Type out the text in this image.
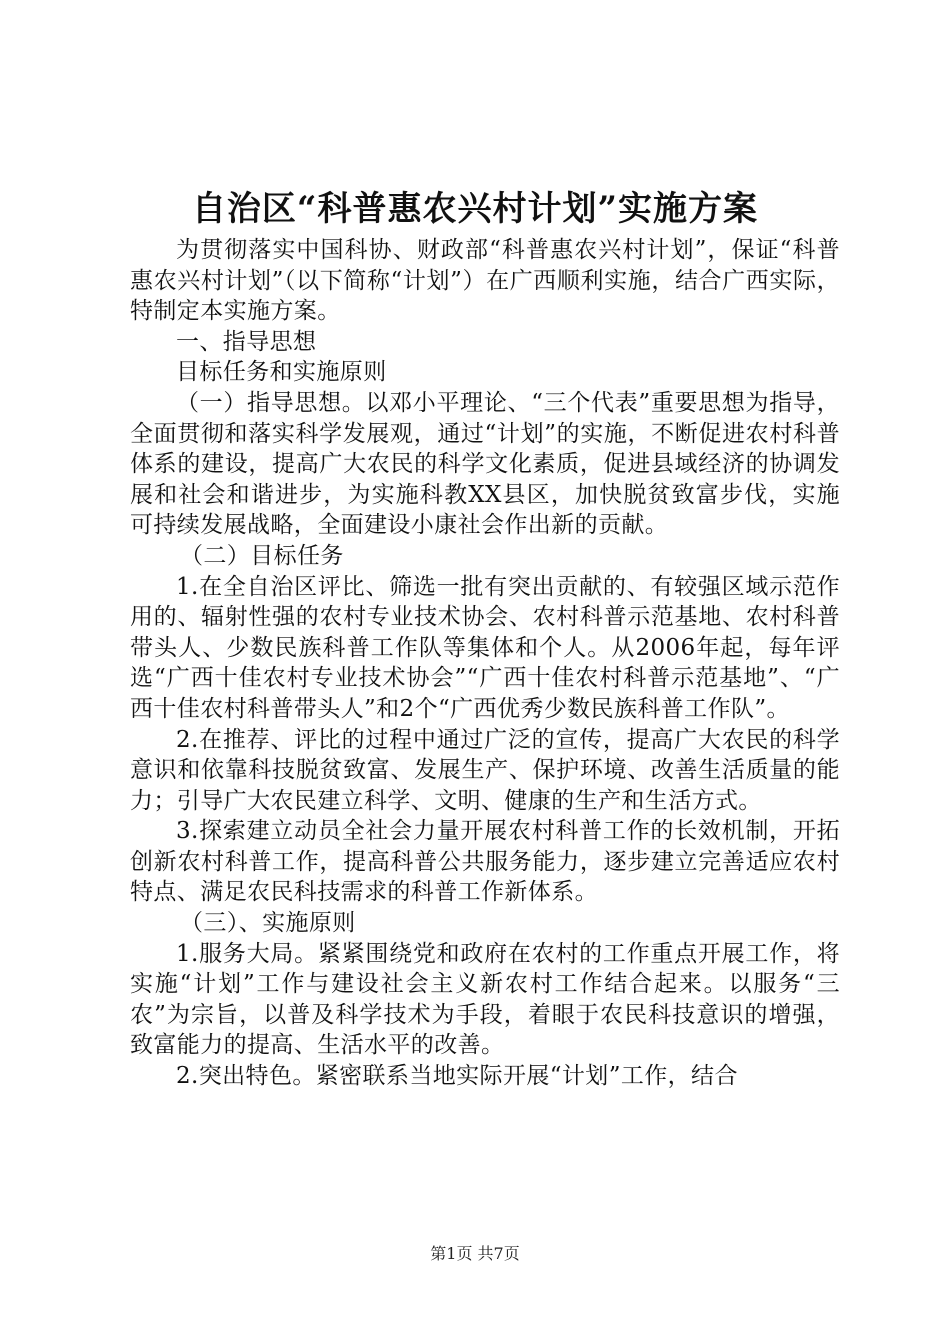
自治区“科普惠农兴村计划”实施方案

为贯彻落实中国科协、财政部“科普惠农兴村计划”，保证“科普惠农兴村计划”（以下简称“计划”）在广西顺利实施，结合广西实际，特制定本实施方案。

一、指导思想

目标任务和实施原则

（一）指导思想。以邓小平理论、“三个代表”重要思想为指导，全面贯彻和落实科学发展观，通过“计划”的实施，不断促进农村科普体系的建设，提高广大农民的科学文化素质，促进县域经济的协调发展和社会和谐进步，为实施科教XX县区，加快脱贫致富步伐，实施可持续发展战略，全面建设小康社会作出新的贡献。

（二）目标任务

1.在全自治区评比、筛选一批有突出贡献的、有较强区域示范作用的、辐射性强的农村专业技术协会、农村科普示范基地、农村科普带头人、少数民族科普工作队等集体和个人。从2006年起，每年评选“广西十佳农村专业技术协会”“广西十佳农村科普示范基地”、“广西十佳农村科普带头人”和2个“广西优秀少数民族科普工作队”。

2.在推荐、评比的过程中通过广泛的宣传，提高广大农民的科学意识和依靠科技脱贫致富、发展生产、保护环境、改善生活质量的能力；引导广大农民建立科学、文明、健康的生产和生活方式。

3.探索建立动员全社会力量开展农村科普工作的长效机制，开拓创新农村科普工作，提高科普公共服务能力，逐步建立完善适应农村特点、满足农民科技需求的科普工作新体系。

（三）、实施原则

1.服务大局。紧紧围绕党和政府在农村的工作重点开展工作，将实施“计划”工作与建设社会主义新农村工作结合起来。以服务“三农”为宗旨，以普及科学技术为手段，着眼于农民科技意识的增强，致富能力的提高、生活水平的改善。

2.突出特色。紧密联系当地实际开展“计划”工作，结合

第1页 共7页
